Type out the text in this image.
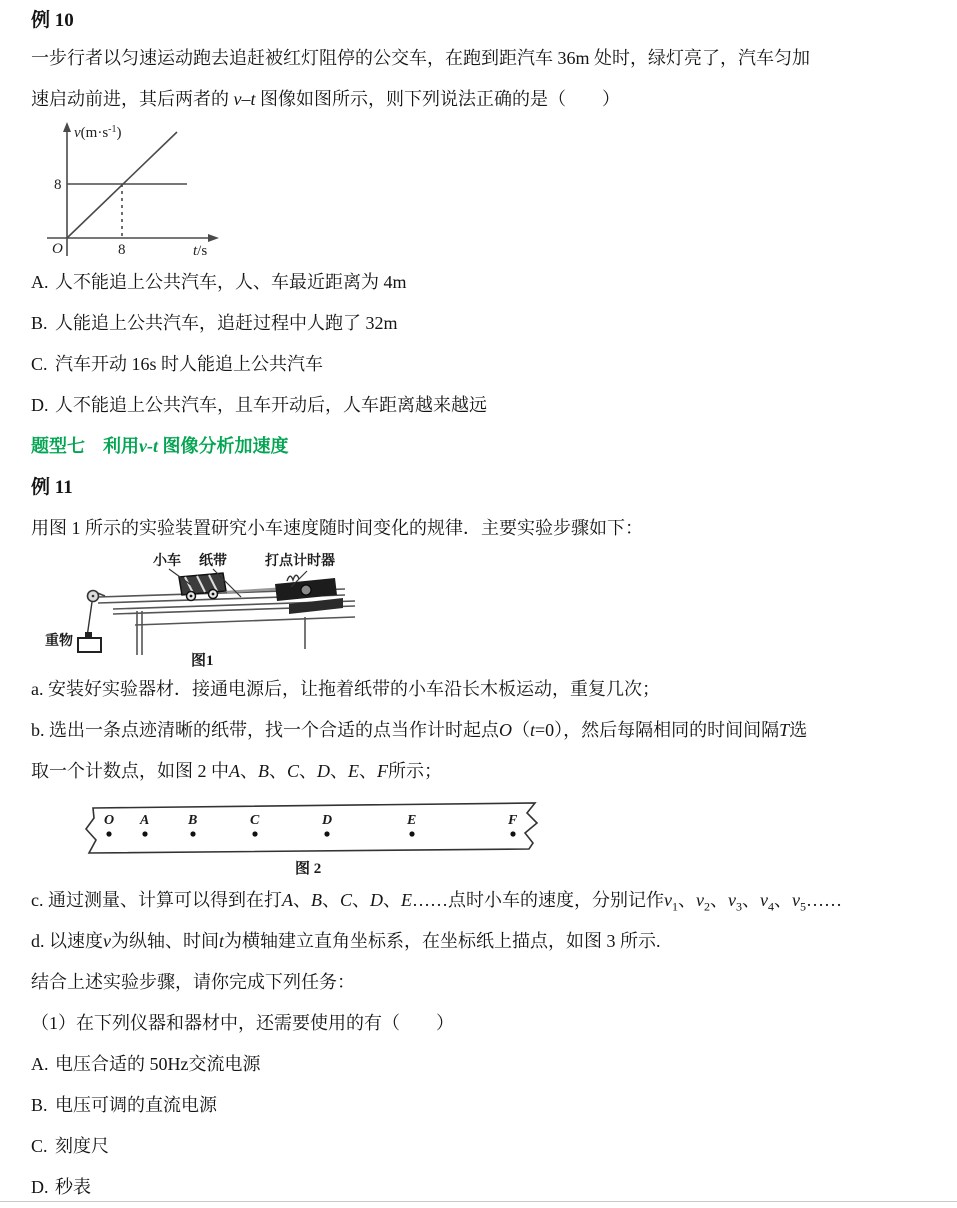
例 10
一步行者以匀速运动跑去追赶被红灯阻停的公交车，在跑到距汽车 36m 处时，绿灯亮了，汽车匀加
速启动前进，其后两者的 v–t 图像如图所示，则下列说法正确的是（　　）
$v(m\cdot s^{-1})$
8
8
O	t/s
A. 人不能追上公共汽车，人、车最近距离为 4m
B. 人能追上公共汽车，追赶过程中人跑了 32m
C. 汽车开动 16s 时人能追上公共汽车
D. 人不能追上公共汽车，且车开动后，人车距离越来越远
题型七　利用v-t 图像分析加速度
例 11
用图 1 所示的实验装置研究小车速度随时间变化的规律．主要实验步骤如下：
小车 纸带	打点计时器
重物
图1
a. 安装好实验器材．接通电源后，让拖着纸带的小车沿长木板运动，重复几次；
b. 选出一条点迹清晰的纸带，找一个合适的点当作计时起点O（t=0），然后每隔相同的时间间隔T选
取一个计数点，如图 2 中A、B、C、D、E、F所示；
O A	B	C	D	E	F
图 2
c. 通过测量、计算可以得到在打A、B、C、D、E……点时小车的速度，分别记作$v_1$、$v_2$、$v_3$、$v_4$、$v_5\dots\dots$
d. 以速度v为纵轴、时间t为横轴建立直角坐标系，在坐标纸上描点，如图 3 所示.
结合上述实验步骤，请你完成下列任务：
（1）在下列仪器和器材中，还需要使用的有（　　）
A. 电压合适的 50Hz交流电源
B. 电压可调的直流电源
C. 刻度尺
D. 秒表
